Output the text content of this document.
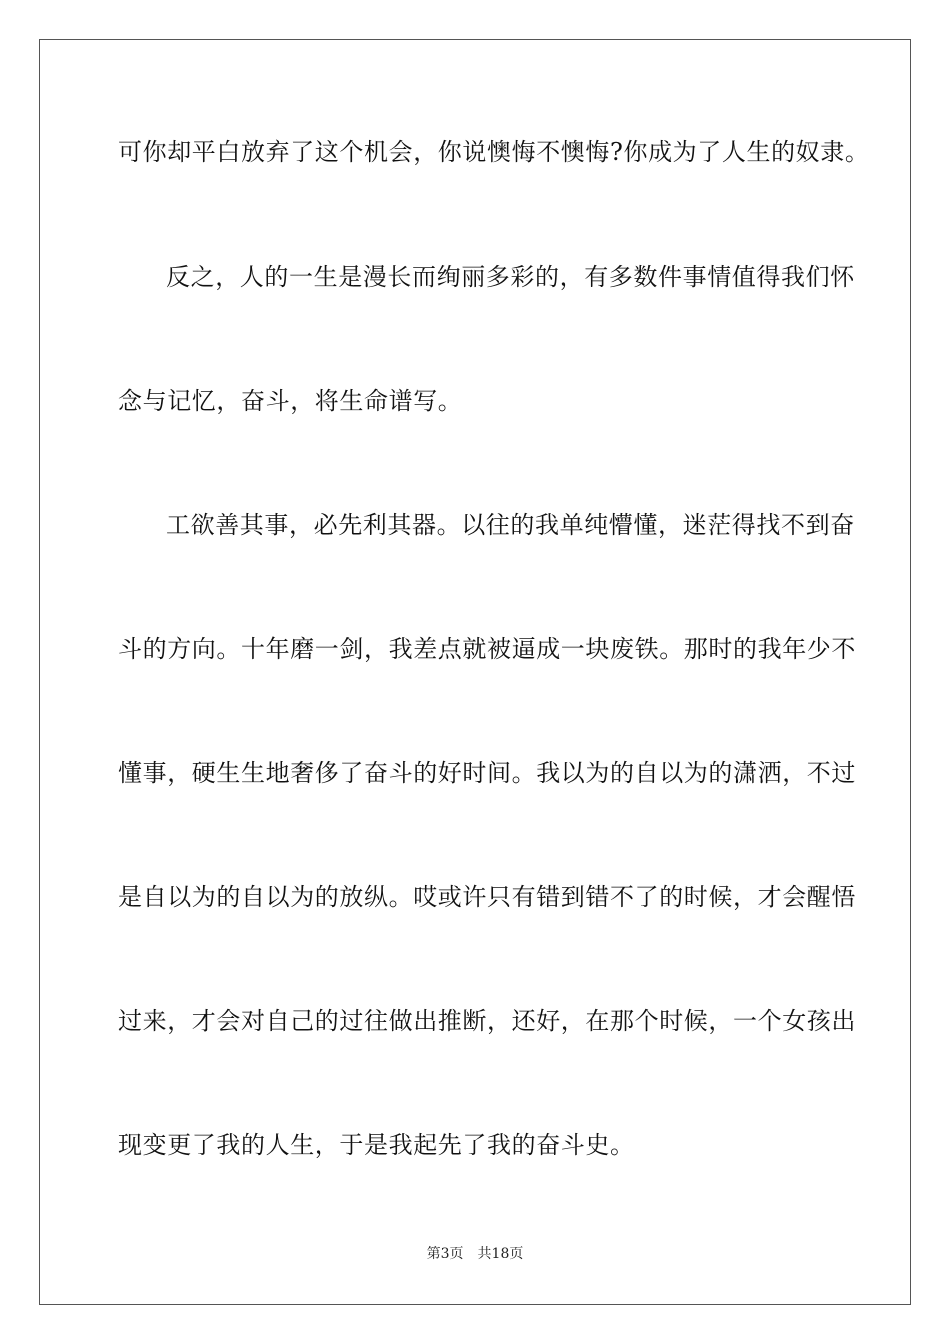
可你却平白放弃了这个机会，你说懊悔不懊悔?你成为了人生的奴隶。
反之，人的一生是漫长而绚丽多彩的，有多数件事情值得我们怀
念与记忆，奋斗，将生命谱写。
工欲善其事，必先利其器。以往的我单纯懵懂，迷茫得找不到奋
斗的方向。十年磨一剑，我差点就被逼成一块废铁。那时的我年少不
懂事，硬生生地奢侈了奋斗的好时间。我以为的自以为的潇洒，不过
是自以为的自以为的放纵。哎或许只有错到错不了的时候，才会醒悟
过来，才会对自己的过往做出推断，还好，在那个时候，一个女孩出
现变更了我的人生，于是我起先了我的奋斗史。
第3页 共18页
